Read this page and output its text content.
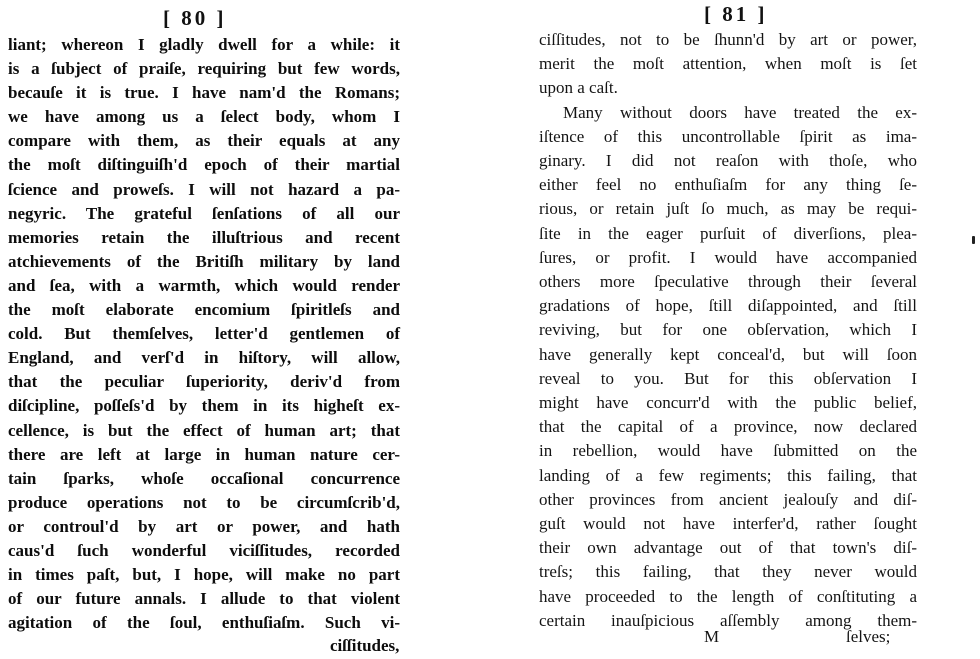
[ 80 ]
liant; whereon I gladly dwell for a while: it
is a ſubject of praiſe, requiring but few words,
becauſe it is true. I have nam'd the Romans;
we have among us a ſelect body, whom I
compare with them, as their equals at any
the moſt diſtinguiſh'd epoch of their martial
ſcience and proweſs. I will not hazard a pa-
negyric. The grateful ſenſations of all our
memories retain the illuſtrious and recent
atchievements of the Britiſh military by land
and ſea, with a warmth, which would render
the moſt elaborate encomium ſpiritleſs and
cold. But themſelves, letter'd gentlemen of
England, and verſ'd in hiſtory, will allow,
that the peculiar ſuperiority, deriv'd from
diſcipline, poſſeſs'd by them in its higheſt ex-
cellence, is but the effect of human art; that
there are left at large in human nature cer-
tain ſparks, whoſe occaſional concurrence
produce operations not to be circumſcrib'd,
or controul'd by art or power, and hath
caus'd ſuch wonderful viciſſitudes, recorded
in times paſt, but, I hope, will make no part
of our future annals. I allude to that violent
agitation of the ſoul, enthuſiaſm. Such vi-
ciſſitudes,
[ 81 ]
ciſſitudes, not to be ſhunn'd by art or power,
merit the moſt attention, when moſt is ſet
upon a caſt.
Many without doors have treated the ex-
iſtence of this uncontrollable ſpirit as ima-
ginary. I did not reaſon with thoſe, who
either feel no enthuſiaſm for any thing ſe-
rious, or retain juſt ſo much, as may be requi-
ſite in the eager purſuit of diverſions, plea-
ſures, or profit. I would have accompanied
others more ſpeculative through their ſeveral
gradations of hope, ſtill diſappointed, and ſtill
reviving, but for one obſervation, which I
have generally kept conceal'd, but will ſoon
reveal to you. But for this obſervation I
might have concurr'd with the public belief,
that the capital of a province, now declared
in rebellion, would have ſubmitted on the
landing of a few regiments; this failing, that
other provinces from ancient jealouſy and diſ-
guſt would not have interfer'd, rather ſought
their own advantage out of that town's diſ-
treſs; this failing, that they never would
have proceeded to the length of conſtituting a
certain inauſpicious aſſembly among them-
M	ſelves;
